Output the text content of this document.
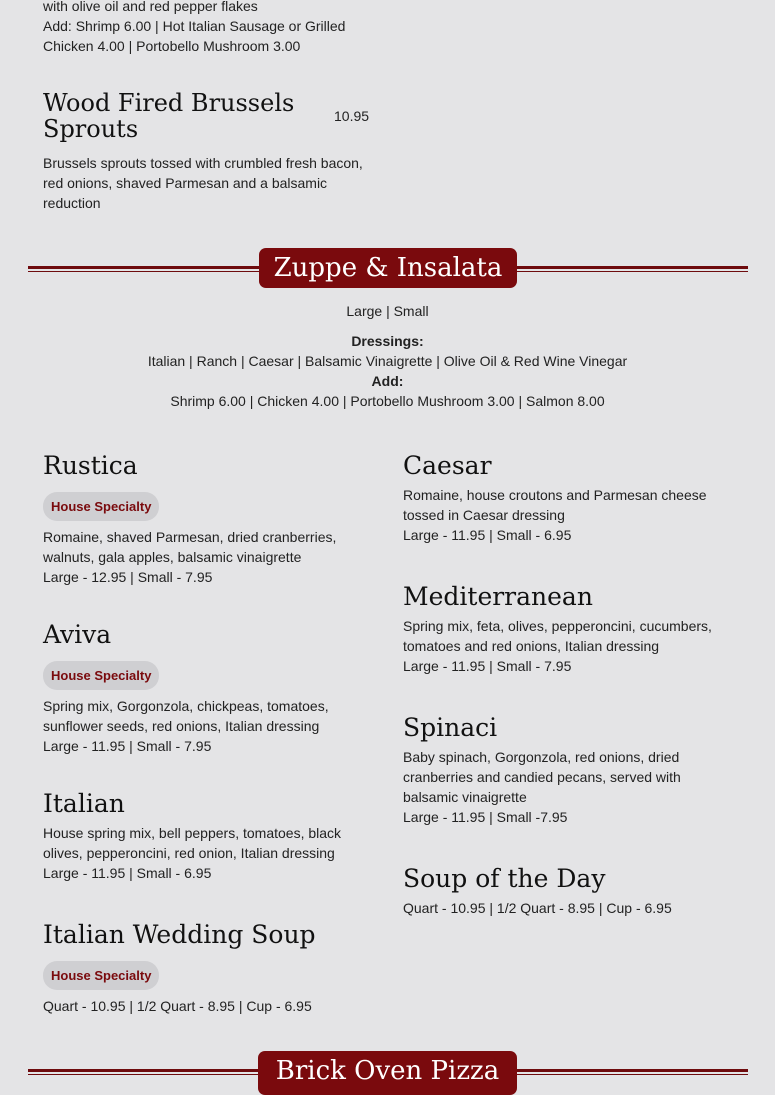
with olive oil and red pepper flakes
Add: Shrimp 6.00 | Hot Italian Sausage or Grilled
Chicken 4.00 | Portobello Mushroom 3.00
Wood Fired Brussels Sprouts	10.95
Brussels sprouts tossed with crumbled fresh bacon, red onions, shaved Parmesan and a balsamic reduction
Zuppe & Insalata
Large | Small
Dressings:
Italian | Ranch | Caesar | Balsamic Vinaigrette | Olive Oil & Red Wine Vinegar
Add:
Shrimp 6.00 | Chicken 4.00 | Portobello Mushroom 3.00 | Salmon 8.00
Rustica
House Specialty
Romaine, shaved Parmesan, dried cranberries, walnuts, gala apples, balsamic vinaigrette
Large - 12.95 | Small - 7.95
Aviva
House Specialty
Spring mix, Gorgonzola, chickpeas, tomatoes, sunflower seeds, red onions, Italian dressing
Large - 11.95 | Small - 7.95
Italian
House spring mix, bell peppers, tomatoes, black olives, pepperoncini, red onion, Italian dressing
Large - 11.95 | Small - 6.95
Italian Wedding Soup
House Specialty
Quart - 10.95 | 1/2 Quart - 8.95 | Cup - 6.95
Caesar
Romaine, house croutons and Parmesan cheese tossed in Caesar dressing
Large - 11.95 | Small - 6.95
Mediterranean
Spring mix, feta, olives, pepperoncini, cucumbers, tomatoes and red onions, Italian dressing
Large - 11.95 | Small - 7.95
Spinaci
Baby spinach, Gorgonzola, red onions, dried cranberries and candied pecans, served with balsamic vinaigrette
Large - 11.95 | Small -7.95
Soup of the Day
Quart - 10.95 | 1/2 Quart - 8.95 | Cup - 6.95
Brick Oven Pizza
